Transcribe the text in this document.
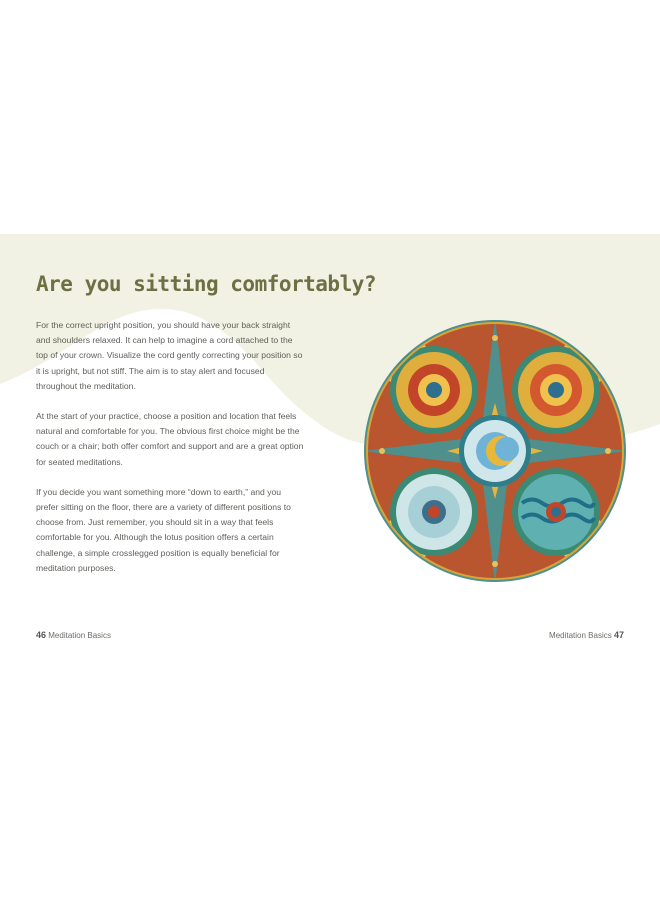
Are you sitting comfortably?

For the correct upright position, you should have your back straight and shoulders relaxed. It can help to imagine a cord attached to the top of your crown. Visualize the cord gently correcting your position so it is upright, but not stiff. The aim is to stay alert and focused throughout the meditation.

At the start of your practice, choose a position and location that feels natural and comfortable for you. The obvious first choice might be the couch or a chair; both offer comfort and support and are a great option for seated meditations.

If you decide you want something more “down to earth,” and you prefer sitting on the floor, there are a variety of different positions to choose from. Just remember, you should sit in a way that feels comfortable for you. Although the lotus position offers a certain challenge, a simple crosslegged position is equally beneficial for meditation purposes.

46 Meditation Basics	Meditation Basics 47
